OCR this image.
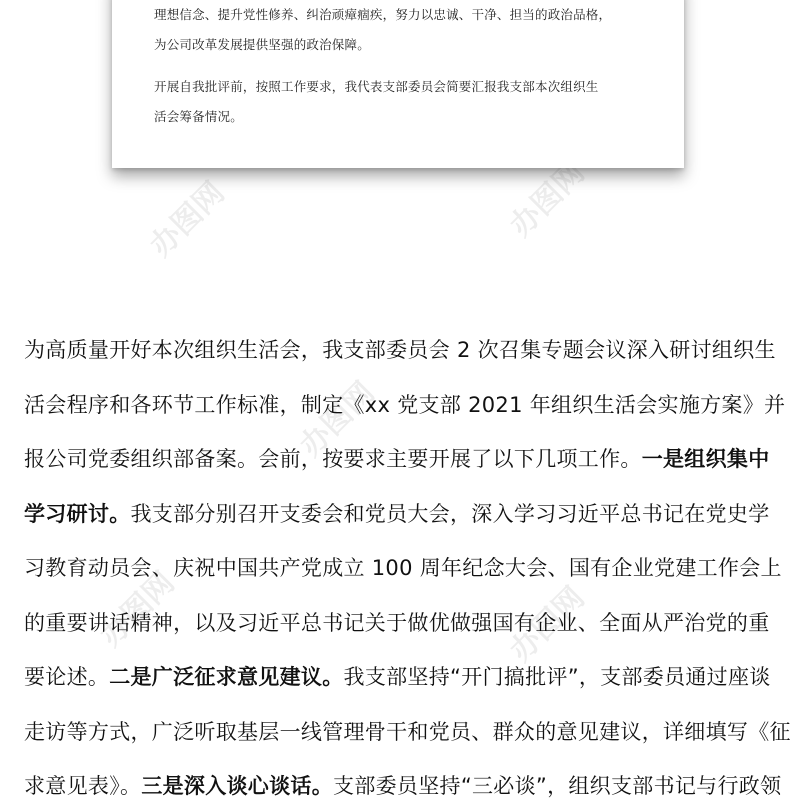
办图网	办图网
办图网
办图网	办图网

理想信念、提升党性修养、纠治顽瘴痼疾，努力以忠诚、干净、担当的政治品格，

为公司改革发展提供坚强的政治保障。

开展自我批评前，按照工作要求，我代表支部委员会简要汇报我支部本次组织生

活会筹备情况。

为高质量开好本次组织生活会，我支部委员会 2 次召集专题会议深入研讨组织生
活会程序和各环节工作标准，制定《xx 党支部 2021 年组织生活会实施方案》并
报公司党委组织部备案。会前，按要求主要开展了以下几项工作。一是组织集中
学习研讨。我支部分别召开支委会和党员大会，深入学习习近平总书记在党史学
习教育动员会、庆祝中国共产党成立 100 周年纪念大会、国有企业党建工作会上
的重要讲话精神，以及习近平总书记关于做优做强国有企业、全面从严治党的重
要论述。二是广泛征求意见建议。我支部坚持“开门搞批评”，支部委员通过座谈
走访等方式，广泛听取基层一线管理骨干和党员、群众的意见建议，详细填写《征
求意见表》。三是深入谈心谈话。支部委员坚持“三必谈”，组织支部书记与行政领
